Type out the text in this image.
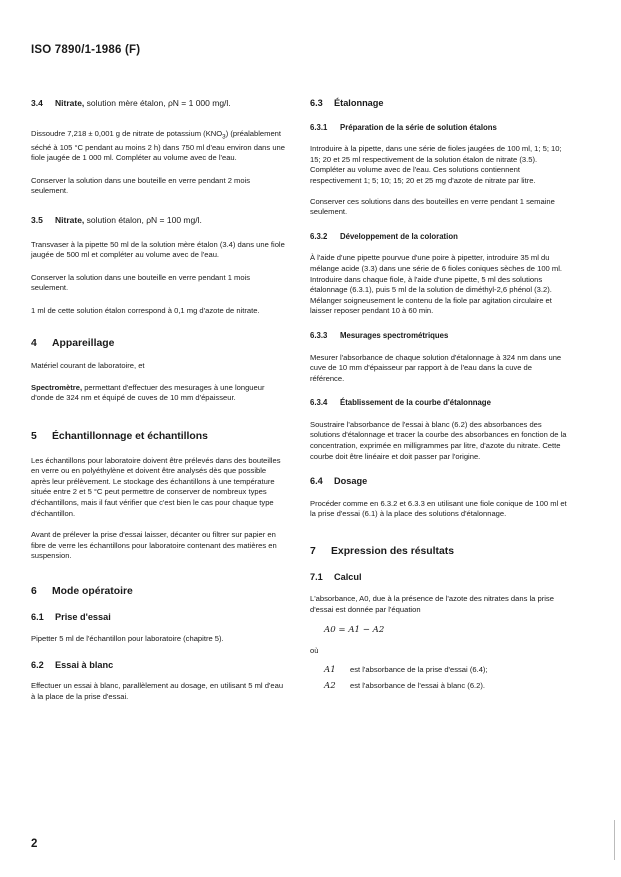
ISO 7890/1-1986 (F)

3.4 Nitrate, solution mère étalon, ρN = 1 000 mg/l.

Dissoudre 7,218 ± 0,001 g de nitrate de potassium $(KNO_3)$ (préalablement séché à 105 °C pendant au moins 2 h) dans 750 ml d'eau environ dans une fiole jaugée de 1 000 ml. Compléter au volume avec de l'eau.

Conserver la solution dans une bouteille en verre pendant 2 mois seulement.

3.5 Nitrate, solution étalon, ρN = 100 mg/l.

Transvaser à la pipette 50 ml de la solution mère étalon (3.4) dans une fiole jaugée de 500 ml et compléter au volume avec de l'eau.

Conserver la solution dans une bouteille en verre pendant 1 mois seulement.

1 ml de cette solution étalon correspond à 0,1 mg d'azote de nitrate.

4 Appareillage

Matériel courant de laboratoire, et

Spectromètre, permettant d'effectuer des mesurages à une longueur d'onde de 324 nm et équipé de cuves de 10 mm d'épaisseur.

5 Échantillonnage et échantillons

Les échantillons pour laboratoire doivent être prélevés dans des bouteilles en verre ou en polyéthylène et doivent être analysés dès que possible après leur prélèvement. Le stockage des échantillons à une température située entre 2 et 5 °C peut permettre de conserver de nombreux types d'échantillons, mais il faut vérifier que c'est bien le cas pour chaque type d'échantillon.

Avant de prélever la prise d'essai laisser, décanter ou filtrer sur papier en fibre de verre les échantillons pour laboratoire contenant des matières en suspension.

6 Mode opératoire

6.1 Prise d'essai

Pipetter 5 ml de l'échantillon pour laboratoire (chapitre 5).

6.2 Essai à blanc

Effectuer un essai à blanc, parallèlement au dosage, en utilisant 5 ml d'eau à la place de la prise d'essai.

6.3 Étalonnage

6.3.1 Préparation de la série de solution étalons

Introduire à la pipette, dans une série de fioles jaugées de 100 ml, 1; 5; 10; 15; 20 et 25 ml respectivement de la solution étalon de nitrate (3.5). Compléter au volume avec de l'eau. Ces solutions contiennent respectivement 1; 5; 10; 15; 20 et 25 mg d'azote de nitrate par litre.

Conserver ces solutions dans des bouteilles en verre pendant 1 semaine seulement.

6.3.2 Développement de la coloration

À l'aide d'une pipette pourvue d'une poire à pipetter, introduire 35 ml du mélange acide (3.3) dans une série de 6 fioles coniques sèches de 100 ml. Introduire dans chaque fiole, à l'aide d'une pipette, 5 ml des solutions étalonnage (6.3.1), puis 5 ml de la solution de diméthyl-2,6 phénol (3.2). Mélanger soigneusement le contenu de la fiole par agitation circulaire et laisser reposer pendant 10 à 60 min.

6.3.3 Mesurages spectrométriques

Mesurer l'absorbance de chaque solution d'étalonnage à 324 nm dans une cuve de 10 mm d'épaisseur par rapport à de l'eau dans la cuve de référence.

6.3.4 Établissement de la courbe d'étalonnage

Soustraire l'absorbance de l'essai à blanc (6.2) des absorbances des solutions d'étalonnage et tracer la courbe des absorbances en fonction de la concentration, exprimée en milligrammes par litre, d'azote du nitrate. Cette courbe doit être linéaire et doit passer par l'origine.

6.4 Dosage

Procéder comme en 6.3.2 et 6.3.3 en utilisant une fiole conique de 100 ml et la prise d'essai (6.1) à la place des solutions d'étalonnage.

7 Expression des résultats

7.1 Calcul

L'absorbance, A0, due à la présence de l'azote des nitrates dans la prise d'essai est donnée par l'équation

A0 = A1 − A2

où

A1	est l'absorbance de la prise d'essai (6.4);
A2	est l'absorbance de l'essai à blanc (6.2).
2
